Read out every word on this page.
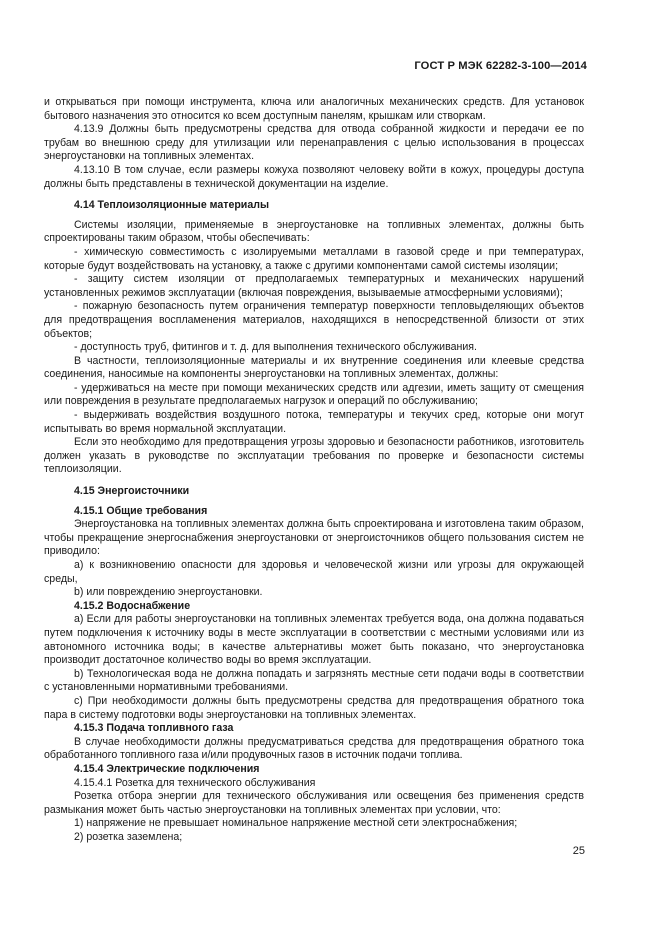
ГОСТ Р МЭК 62282-3-100—2014
и открываться при помощи инструмента, ключа или аналогичных механических средств. Для установок бытового назначения это относится ко всем доступным панелям, крышкам или створкам.
4.13.9 Должны быть предусмотрены средства для отвода собранной жидкости и передачи ее по трубам во внешнюю среду для утилизации или перенаправления с целью использования в процессах энергоустановки на топливных элементах.
4.13.10 В том случае, если размеры кожуха позволяют человеку войти в кожух, процедуры доступа должны быть представлены в технической документации на изделие.
4.14 Теплоизоляционные материалы
Системы изоляции, применяемые в энергоустановке на топливных элементах, должны быть спроектированы таким образом, чтобы обеспечивать:
- химическую совместимость с изолируемыми металлами в газовой среде и при температурах, которые будут воздействовать на установку, а также с другими компонентами самой системы изоляции;
- защиту систем изоляции от предполагаемых температурных и механических нарушений установленных режимов эксплуатации (включая повреждения, вызываемые атмосферными условиями);
- пожарную безопасность путем ограничения температур поверхности тепловыделяющих объектов для предотвращения воспламенения материалов, находящихся в непосредственной близости от этих объектов;
- доступность труб, фитингов и т. д. для выполнения технического обслуживания.
В частности, теплоизоляционные материалы и их внутренние соединения или клеевые средства соединения, наносимые на компоненты энергоустановки на топливных элементах, должны:
- удерживаться на месте при помощи механических средств или адгезии, иметь защиту от смещения или повреждения в результате предполагаемых нагрузок и операций по обслуживанию;
- выдерживать воздействия воздушного потока, температуры и текучих сред, которые они могут испытывать во время нормальной эксплуатации.
Если это необходимо для предотвращения угрозы здоровью и безопасности работников, изготовитель должен указать в руководстве по эксплуатации требования по проверке и безопасности системы теплоизоляции.
4.15 Энергоисточники
4.15.1 Общие требования
Энергоустановка на топливных элементах должна быть спроектирована и изготовлена таким образом, чтобы прекращение энергоснабжения энергоустановки от энергоисточников общего пользования систем не приводило:
a) к возникновению опасности для здоровья и человеческой жизни или угрозы для окружающей среды,
b) или повреждению энергоустановки.
4.15.2 Водоснабжение
a) Если для работы энергоустановки на топливных элементах требуется вода, она должна подаваться путем подключения к источнику воды в месте эксплуатации в соответствии с местными условиями или из автономного источника воды; в качестве альтернативы может быть показано, что энергоустановка производит достаточное количество воды во время эксплуатации.
b) Технологическая вода не должна попадать и загрязнять местные сети подачи воды в соответствии с установленными нормативными требованиями.
c) При необходимости должны быть предусмотрены средства для предотвращения обратного тока пара в систему подготовки воды энергоустановки на топливных элементах.
4.15.3 Подача топливного газа
В случае необходимости должны предусматриваться средства для предотвращения обратного тока обработанного топливного газа и/или продувочных газов в источник подачи топлива.
4.15.4 Электрические подключения
4.15.4.1 Розетка для технического обслуживания
Розетка отбора энергии для технического обслуживания или освещения без применения средств размыкания может быть частью энергоустановки на топливных элементах при условии, что:
1) напряжение не превышает номинальное напряжение местной сети электроснабжения;
2) розетка заземлена;
25
